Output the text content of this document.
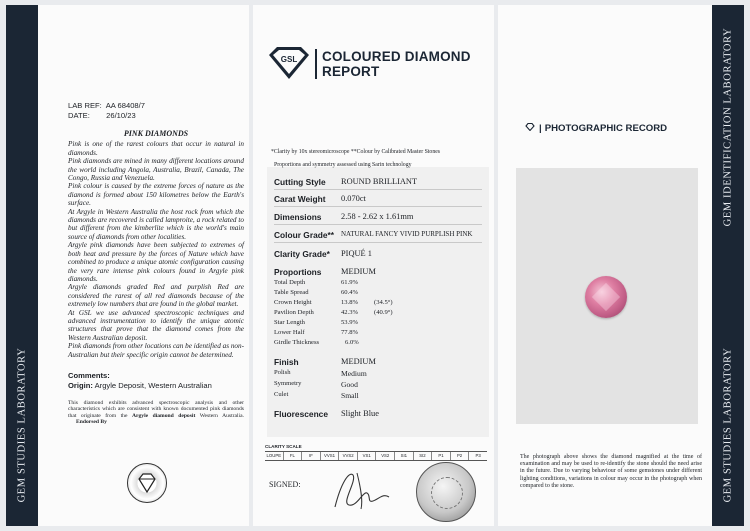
GEM STUDIES LABORATORY
LAB REF: AA 68408/7
DATE: 26/10/23
PINK DIAMONDS

Pink is one of the rarest colours that occur in natural in diamonds.

Pink diamonds are mined in many different locations around the world including Angola, Australia, Brazil, Canada, The Congo, Russia and Venezuela.

Pink colour is caused by the extreme forces of nature as the diamond is formed about 150 kilometres below the Earth's surface.

At Argyle in Western Australia the host rock from which the diamonds are recovered is called lamproite, a rock related to but different from the kimberlite which is the world's main source of diamonds from other localities.

Argyle pink diamonds have been subjected to extremes of both heat and pressure by the forces of Nature which have combined to produce a unique atomic configuration causing the very rare intense pink colours found in Argyle pink diamonds.

Argyle diamonds graded Red and purplish Red are considered the rarest of all red diamonds because of the extremely low numbers that are found in the global market.

At GSL we use advanced spectroscopic techniques and advanced instrumentation to identify the unique atomic structures that prove that the diamond comes from the Western Australian deposit.

Pink diamonds from other locations can be identified as non-Australian but their specific origin cannot be determined.

Comments:
Origin: Argyle Deposit, Western Australian
This diamond exhibits advanced spectroscopic analysis and other characteristics which are consistent with known documented pink diamonds that originate from the Argyle diamond deposit Western Australia. Endorsed By
GSL COLOURED DIAMOND
REPORT
*Clarity by 10x stereomicroscope **Colour by Calibrated Master Stones
Proportions and symmetry assessed using Sarin technology
Cutting Style ROUND BRILLIANT
Carat Weight 0.070ct
Dimensions 2.58 - 2.62 x 1.61mm
Colour Grade** NATURAL FANCY VIVID PURPLISH PINK
Clarity Grade* PIQUÉ 1
Proportions MEDIUM
Total Depth	61.9%
Table Spread	60.4%
Crown Height	13.8% (34.5°)
Pavilion Depth	42.3% (40.9°)
Star Length	53.9%
Lower Half	77.8%
Girdle Thickness	6.0%
Finish	MEDIUM
Polish	Medium
Symmetry	Good
Culet	Small
Fluorescence Slight Blue
CLARITY SCALE
LOUPE	FL	IF	VVS1	VVS2	VS1	VS2	SI1	SI2	P1	P2	P3
SIGNED:
GEM IDENTIFICATION LABORATORY
GEM STUDIES LABORATORY
| PHOTOGRAPHIC RECORD
The photograph above shows the diamond magnified at the time of examination and may be used to re-identify the stone should the need arise in the future. Due to varying behaviour of some gemstones under different lighting conditions, variations in colour may occur in the photograph when compared to the stone.
